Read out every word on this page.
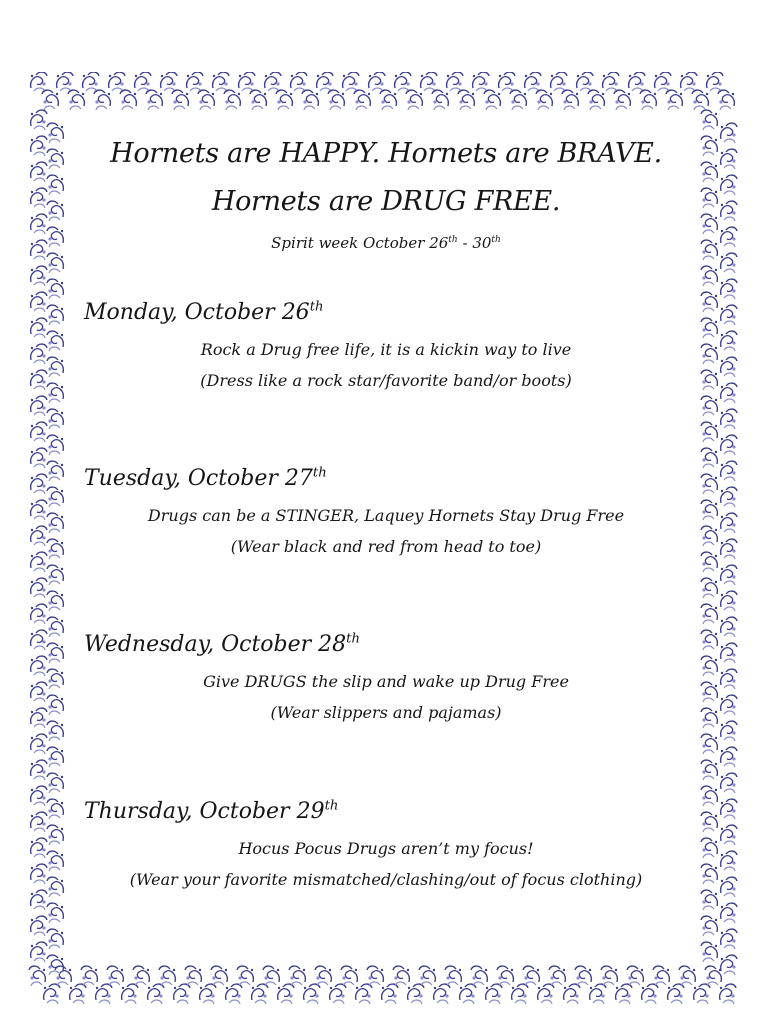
Hornets are HAPPY. Hornets are BRAVE.

Hornets are DRUG FREE.

Spirit week October 26th - 30th

Monday, October 26th

Rock a Drug free life, it is a kickin way to live

(Dress like a rock star/favorite band/or boots)

Tuesday, October 27th

Drugs can be a STINGER, Laquey Hornets Stay Drug Free

(Wear black and red from head to toe)

Wednesday, October 28th

Give DRUGS the slip and wake up Drug Free

(Wear slippers and pajamas)

Thursday, October 29th

Hocus Pocus Drugs aren’t my focus!

(Wear your favorite mismatched/clashing/out of focus clothing)
